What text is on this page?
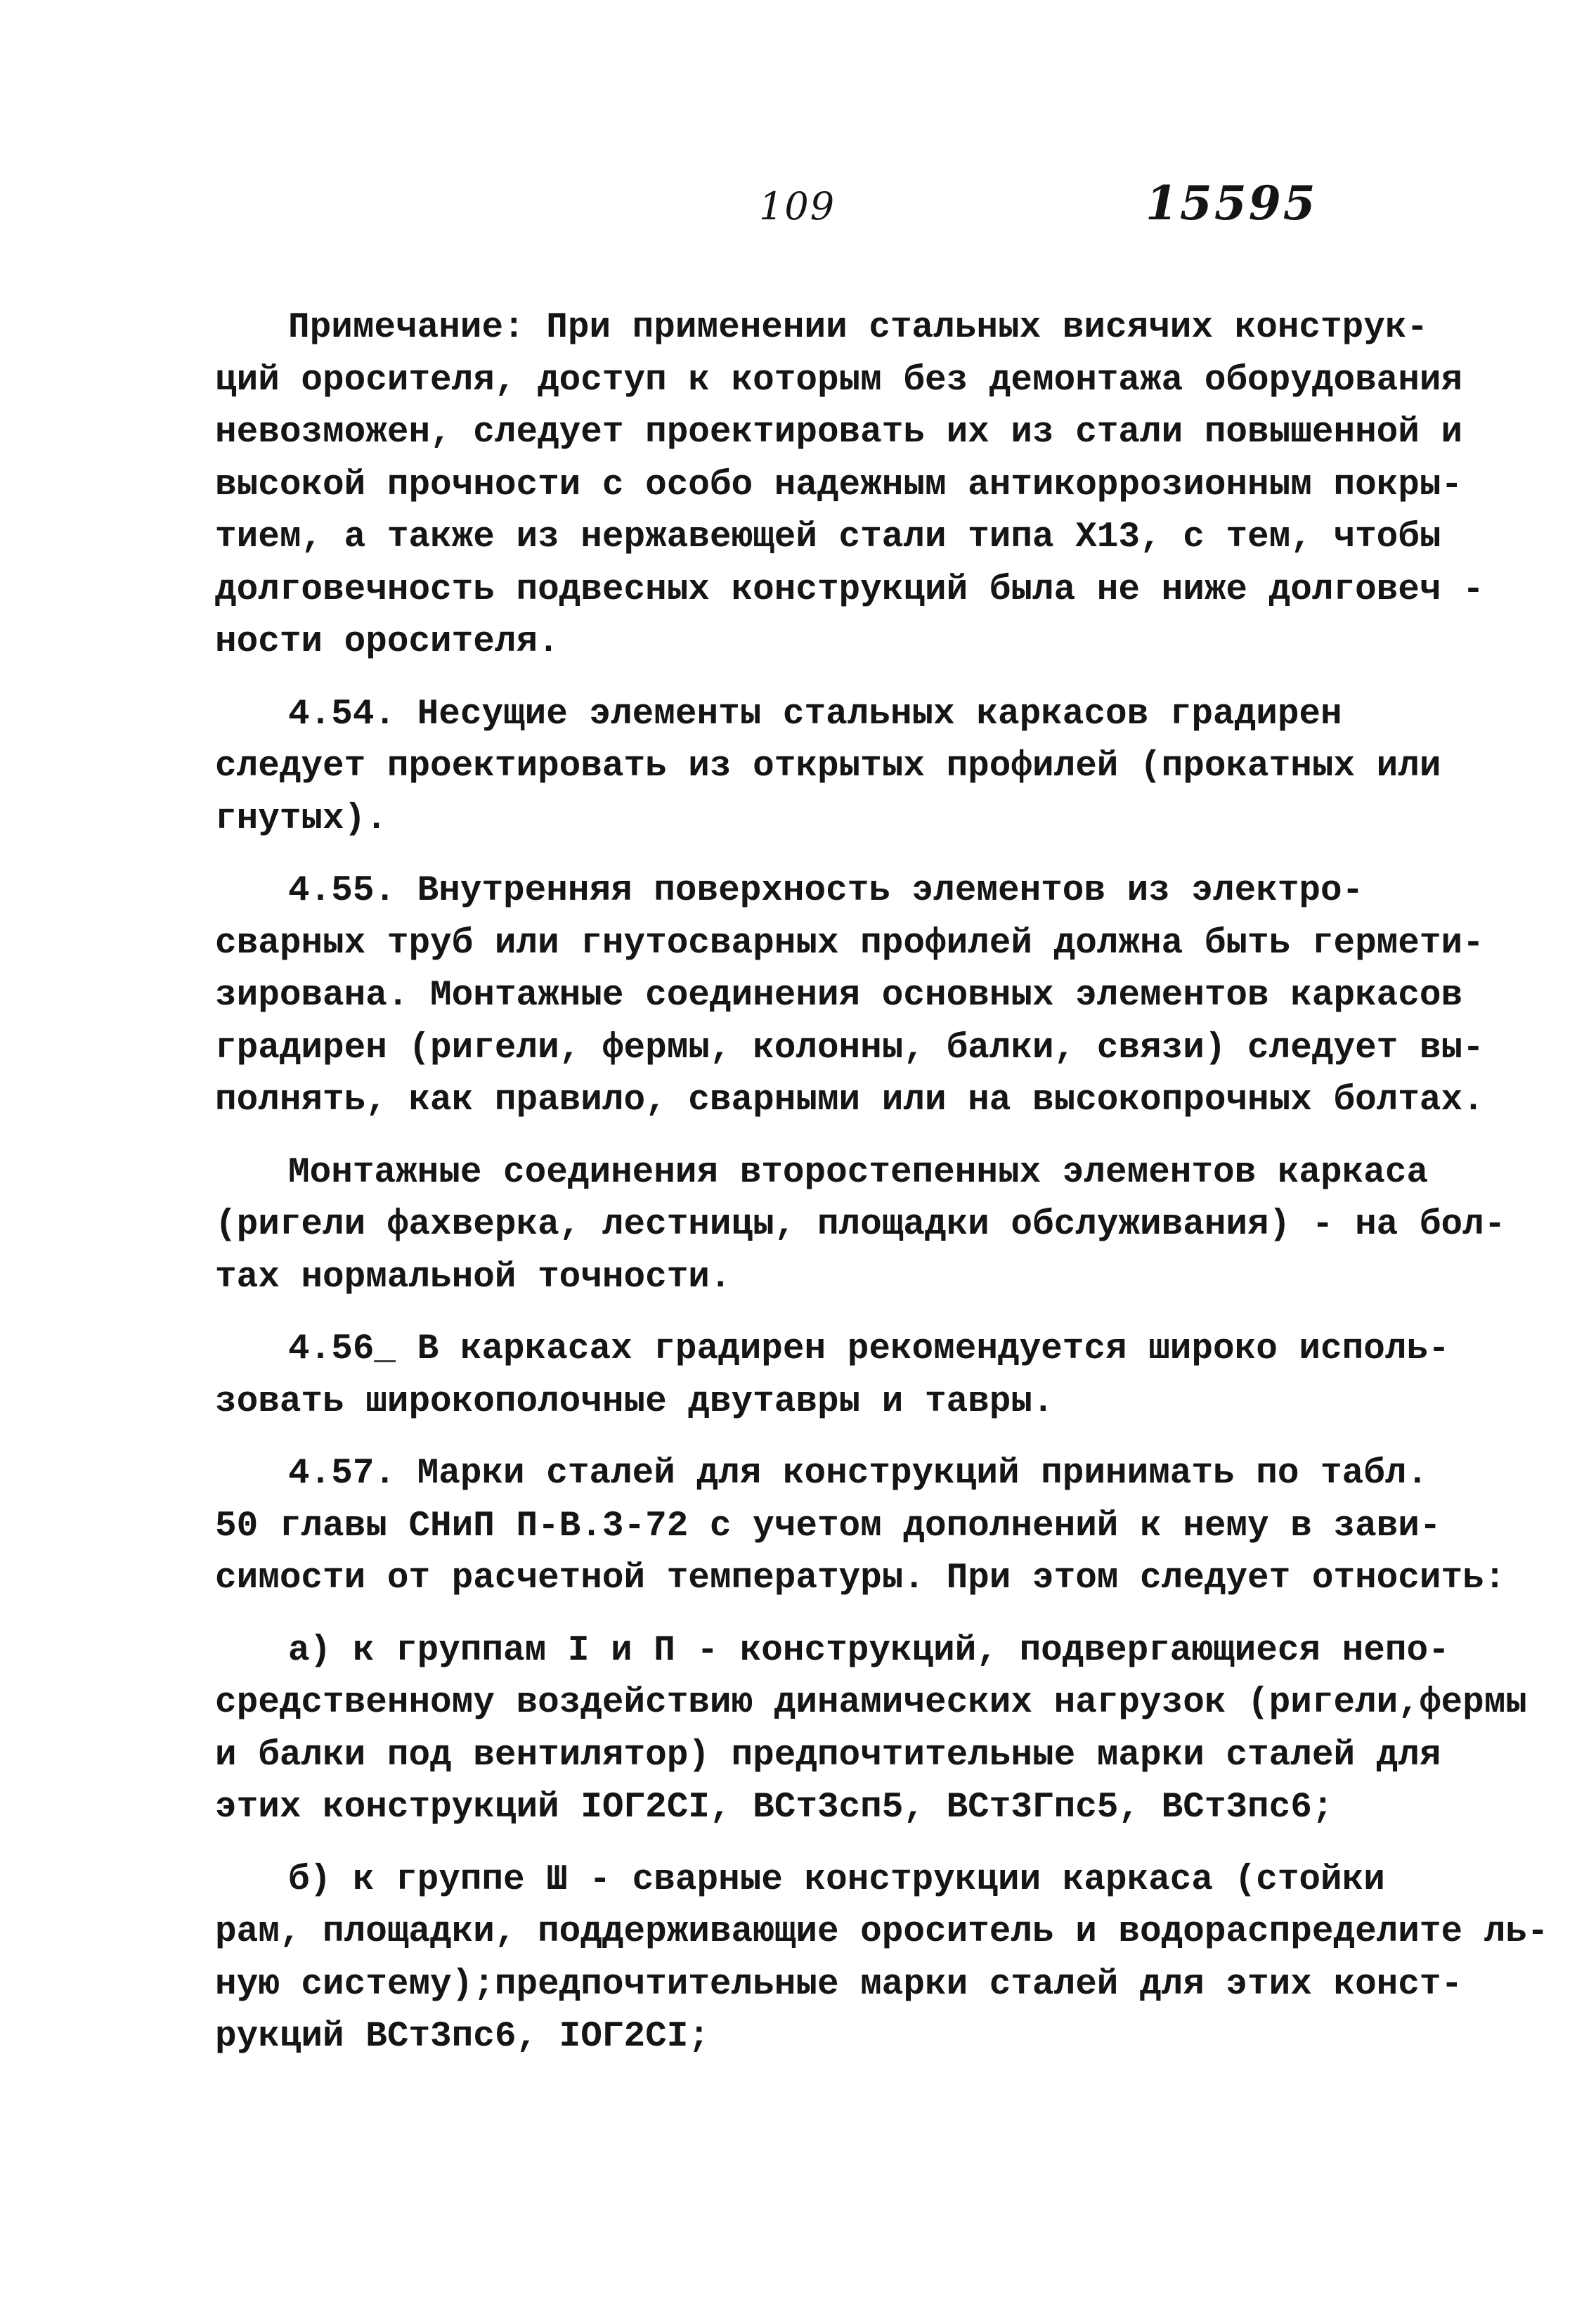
109	15595

Примечание: При применении стальных висячих конструк-
ций оросителя, доступ к которым без демонтажа оборудования
невозможен, следует проектировать их из стали повышенной и
высокой прочности с особо надежным антикоррозионным покры-
тием, а также из нержавеющей стали типа Х13, с тем, чтобы
долговечность подвесных конструкций была не ниже долговеч -
ности оросителя.

4.54. Несущие элементы стальных каркасов градирен
следует проектировать из открытых профилей (прокатных или
гнутых).

4.55. Внутренняя поверхность элементов из электро-
сварных труб или гнутосварных профилей должна быть гермети-
зирована. Монтажные соединения основных элементов каркасов
градирен (ригели, фермы, колонны, балки, связи) следует вы-
полнять, как правило, сварными или на высокопрочных болтах.

Монтажные соединения второстепенных элементов каркаса
(ригели фахверка, лестницы, площадки обслуживания) - на бол-
тах нормальной точности.

4.56_ В каркасах градирен рекомендуется широко исполь-
зовать широкополочные двутавры и тавры.

4.57. Марки сталей для конструкций принимать по табл.
50 главы СНиП П-В.3-72 с учетом дополнений к нему в зави-
симости от расчетной температуры. При этом следует относить:

а) к группам I и П - конструкций, подвергающиеся непо-
средственному воздействию динамических нагрузок (ригели,фермы
и балки под вентилятор) предпочтительные марки сталей для
этих конструкций IOГ2CI, ВСт3сп5, ВСт3Гпс5, ВСт3пс6;

б) к группе Ш - сварные конструкции каркаса (стойки
рам, площадки, поддерживающие ороситель и водораспределите ль-
ную систему);предпочтительные марки сталей для этих конст-
рукций ВСт3пс6, IOГ2CI;
